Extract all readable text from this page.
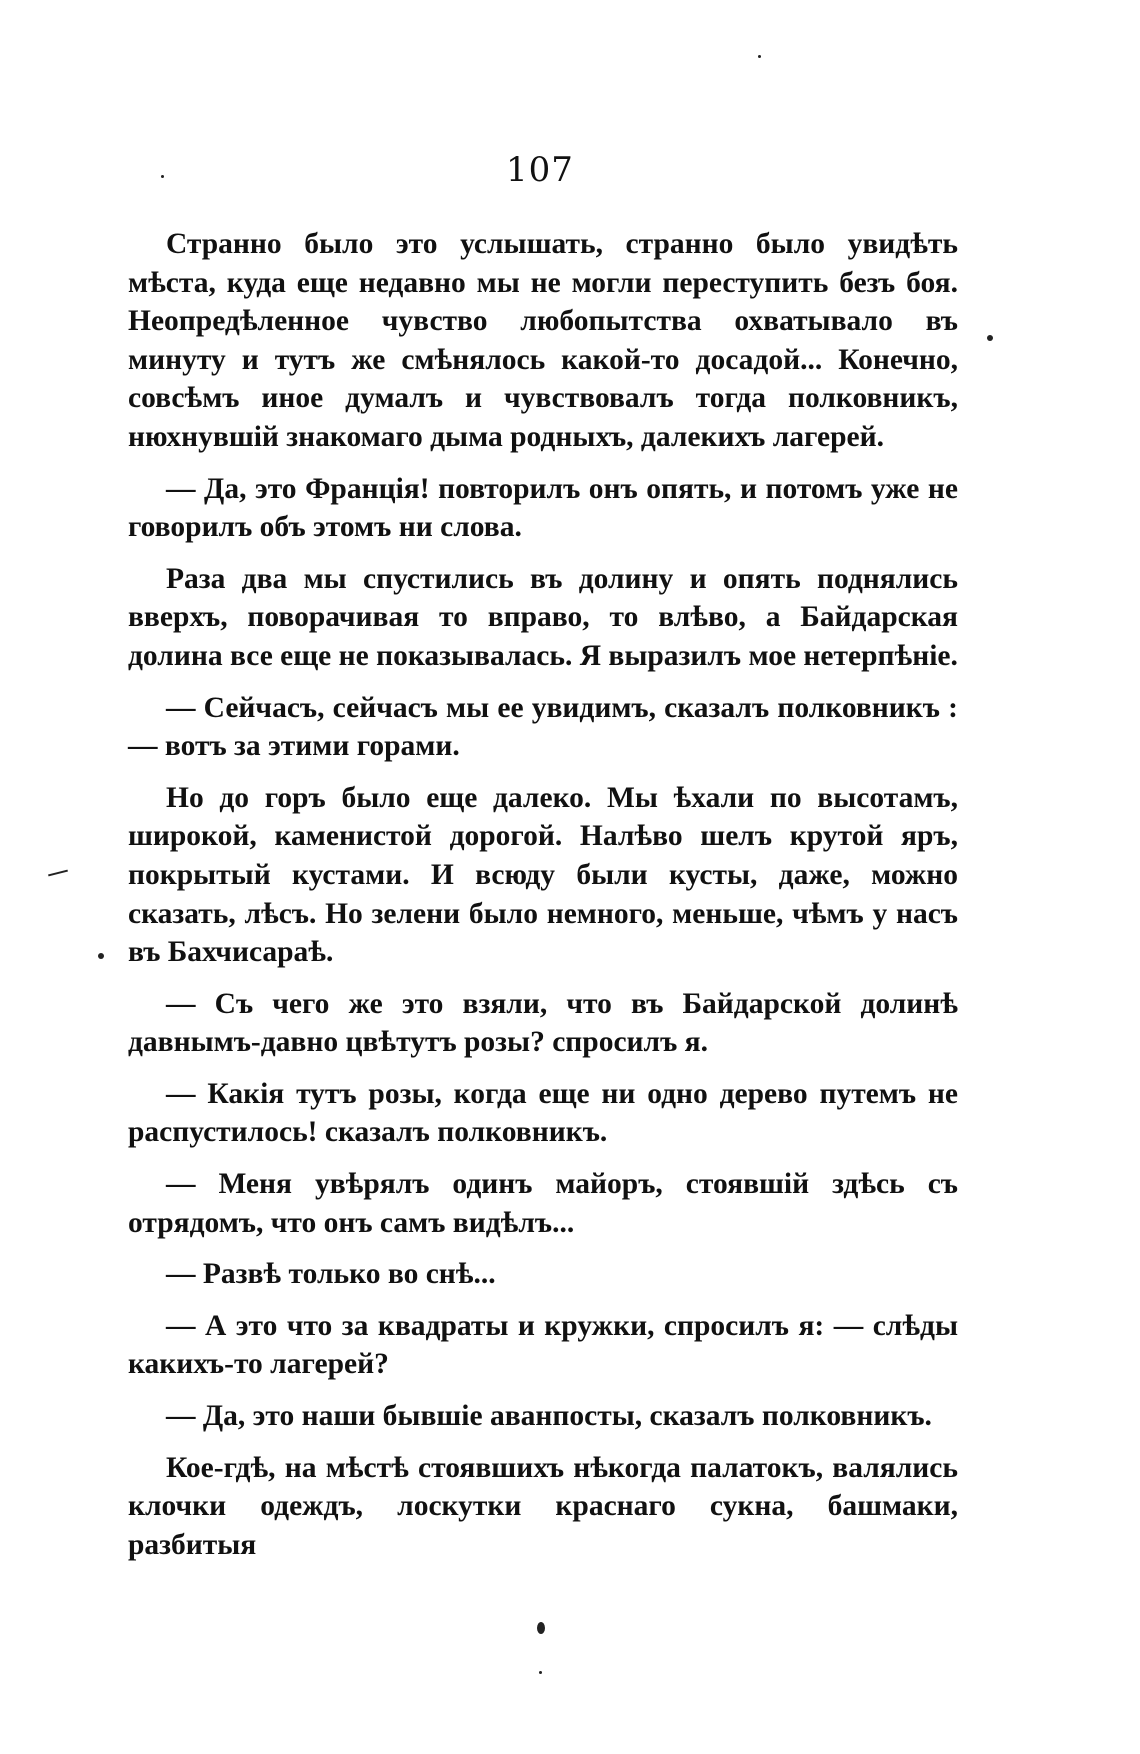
107

Странно было это услышать, странно было увидѣть мѣста, куда еще недавно мы не могли переступить безъ боя. Неопредѣленное чувство любопытства охватывало въ минуту и тутъ же смѣнялось какой-то досадой... Конечно, совсѣмъ иное думалъ и чувствовалъ тогда полковникъ, нюхнувшій знакомаго дыма родныхъ, далекихъ лагерей.

— Да, это Францiя! повторилъ онъ опять, и потомъ уже не говорилъ объ этомъ ни слова.

Раза два мы спустились въ долину и опять поднялись вверхъ, поворачивая то вправо, то влѣво, а Байдарская долина все еще не показывалась. Я выразилъ мое нетерпѣніе.

— Сейчасъ, сейчасъ мы ее увидимъ, сказалъ полковникъ : — вотъ за этими горами.

Но до горъ было еще далеко. Мы ѣхали по высотамъ, широкой, каменистой дорогой. Налѣво шелъ крутой яръ, покрытый кустами. И всюду были кусты, даже, можно сказать, лѣсъ. Но зелени было немного, меньше, чѣмъ у насъ въ Бахчисараѣ.

— Съ чего же это взяли, что въ Байдарской долинѣ давнымъ-давно цвѣтутъ розы? спросилъ я.

— Какія тутъ розы, когда еще ни одно дерево путемъ не распустилось! сказалъ полковникъ.

— Меня увѣрялъ одинъ майоръ, стоявшій здѣсь съ отрядомъ, что онъ самъ видѣлъ...

— Развѣ только во снѣ...

— А это что за квадраты и кружки, спросилъ я: — слѣды какихъ-то лагерей?

— Да, это наши бывшіе аванпосты, сказалъ полковникъ.

Кое-гдѣ, на мѣстѣ стоявшихъ нѣкогда палатокъ, валялись клочки одеждъ, лоскутки краснаго сукна, башмаки, разбитыя
